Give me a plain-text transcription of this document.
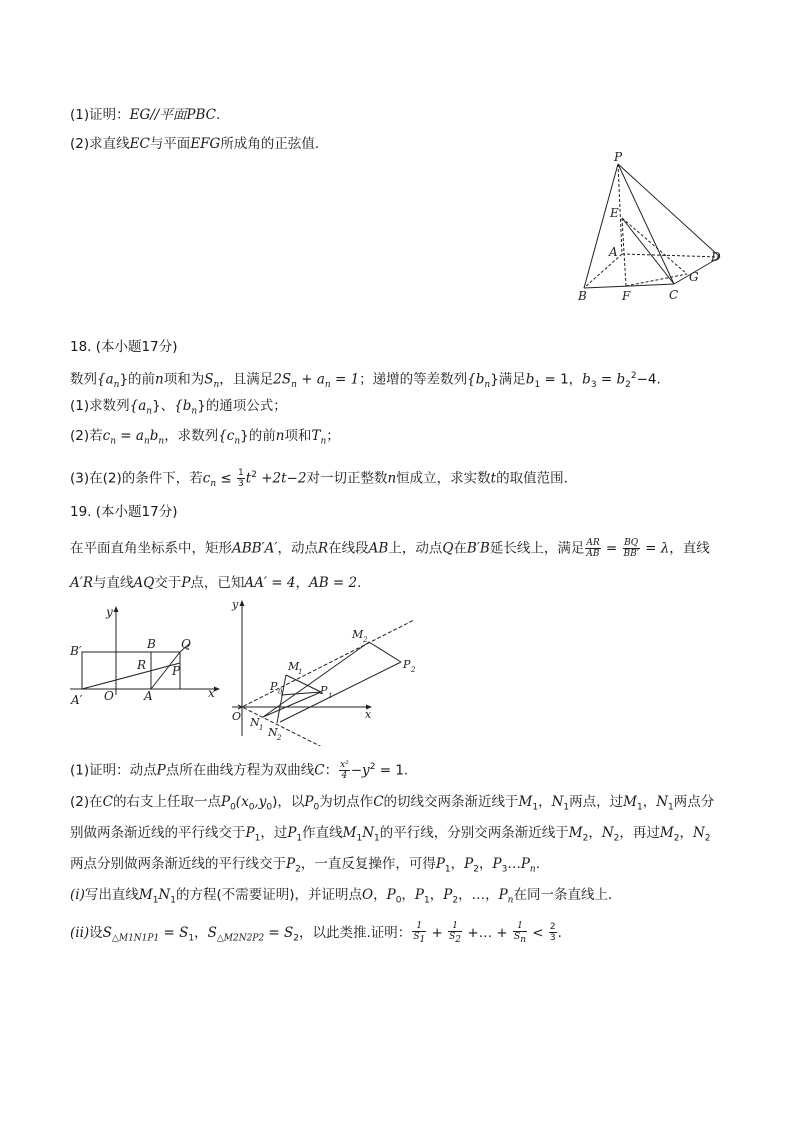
(1)证明：EG//平面PBC.
(2)求直线EC与平面EFG所成角的正弦值．
P
E
A	D
G
B	F	C
18. (本小题17分)
数列$\{a_n\}$的前n项和为$S_n$，且满足$2S_n + a_n = 1$；递增的等差数列$\{b_n\}$满足$b_1 = 1$，$b_3 = b_2^2-4$.
(1)求数列$\{a_n\}$、$\{b_n\}$的通项公式；
(2)若$c_n = a_nb_n$，求数列$\{c_n\}$的前n项和$T_n$；
(3)在(2)的条件下，若$c_n \le \frac{1}{3} t^2 +2t-2$对一切正整数n恒成立，求实数t的取值范围．
19. (本小题17分)
在平面直角坐标系中，矩形ABB′A′，动点R在线段AB上，动点Q在B′B延长线上，满足 $\frac{AR}{AB} = \frac{BQ}{BB'} = \lambda$，直线
A′R与直线AQ交于P点，已知AA′ = 4，AB = 2.
y
B′	B Q
R P
A′ O	A	x
y
M 2
M
1
P 0	P 1
P 2
O N 1 N 2
x
(1)证明：动点P点所在曲线方程为双曲线C： $\frac{\text{x²}}{4} -y^2 = 1$.
(2)在C的右支上任取一点$P_0(x_0,y_0)$，以$P_0$为切点作C的切线交两条渐近线于$M_1$，$N_1$两点，过$M_1$，$N_1$两点分
别做两条渐近线的平行线交于$P_1$，过$P_1$作直线$M_1N_1$的平行线，分别交两条渐近线于$M_2$，$N_2$，再过$M_2$，$N_2$
两点分别做两条渐近线的平行线交于$P_2$，一直反复操作，可得$P_1$，$P_2$，$P_3\dots P_n$.
(i)写出直线$M_1N_1$的方程(不需要证明)，并证明点O，$P_0$，$P_1$，$P_2$，…，$P_n$在同一条直线上．
(ii)设$S_{\triangle M1N1P1} = S_1$，$S_{\triangle M2N2P2} = S_2$，以此类推.证明： $\frac{1}{S_1} + \frac{1}{S_2}$ +… + $\frac{1}{S_n} < \frac{2}{3}$ .
